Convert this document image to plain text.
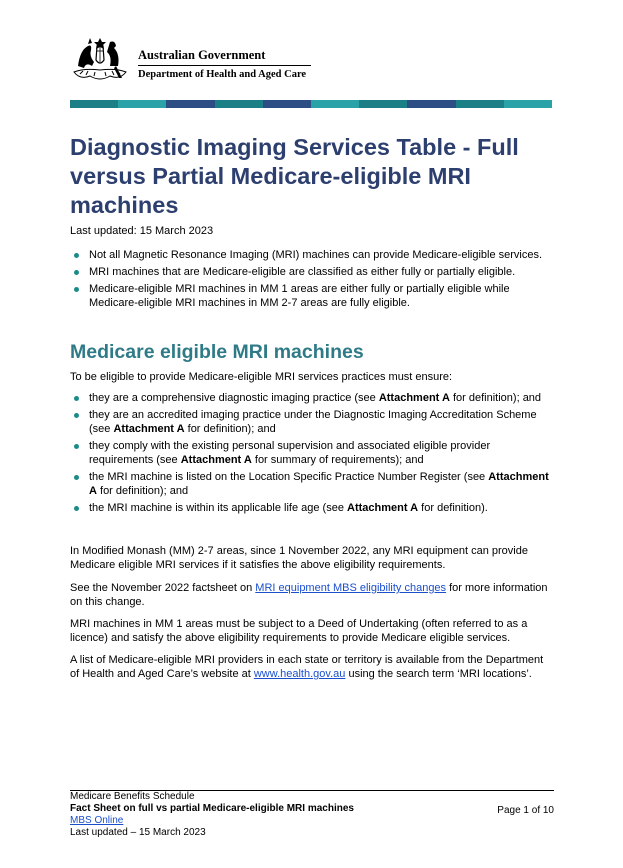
Australian Government
Department of Health and Aged Care
Diagnostic Imaging Services Table - Full versus Partial Medicare-eligible MRI machines
Last updated: 15 March 2023
Not all Magnetic Resonance Imaging (MRI) machines can provide Medicare-eligible services.
MRI machines that are Medicare-eligible are classified as either fully or partially eligible.
Medicare-eligible MRI machines in MM 1 areas are either fully or partially eligible while Medicare-eligible MRI machines in MM 2-7 areas are fully eligible.
Medicare eligible MRI machines

To be eligible to provide Medicare-eligible MRI services practices must ensure:

they are a comprehensive diagnostic imaging practice (see Attachment A for definition); and
they are an accredited imaging practice under the Diagnostic Imaging Accreditation Scheme (see Attachment A for definition); and
they comply with the existing personal supervision and associated eligible provider requirements (see Attachment A for summary of requirements); and
the MRI machine is listed on the Location Specific Practice Number Register (see Attachment A for definition); and
the MRI machine is within its applicable life age (see Attachment A for definition).

In Modified Monash (MM) 2-7 areas, since 1 November 2022, any MRI equipment can provide Medicare eligible MRI services if it satisfies the above eligibility requirements.

See the November 2022 factsheet on MRI equipment MBS eligibility changes for more information on this change.

MRI machines in MM 1 areas must be subject to a Deed of Undertaking (often referred to as a licence) and satisfy the above eligibility requirements to provide Medicare eligible services.

A list of Medicare-eligible MRI providers in each state or territory is available from the Department of Health and Aged Care’s website at www.health.gov.au using the search term ‘MRI locations’.

Medicare Benefits Schedule
Fact Sheet on full vs partial Medicare-eligible MRI machines
MBS Online
Last updated – 15 March 2023
Page 1 of 10
